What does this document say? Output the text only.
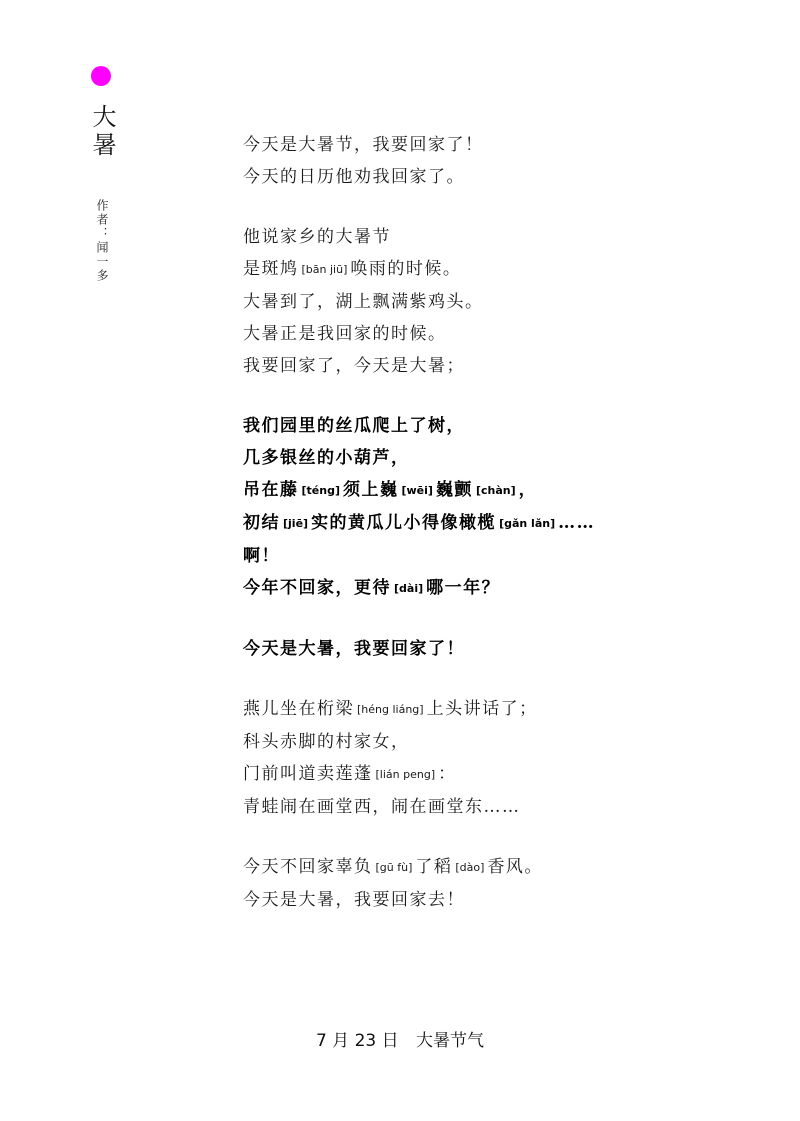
大暑
作者：闻一多
今天是大暑节，我要回家了！
今天的日历他劝我回家了。
他说家乡的大暑节
是斑鸠 [bān jiū] 唤雨的时候。
大暑到了，湖上飘满紫鸡头。
大暑正是我回家的时候。
我要回家了，今天是大暑；
我们园里的丝瓜爬上了树，
几多银丝的小葫芦，
吊在藤 [téng] 须上巍 [wēi] 巍颤 [chàn] ，
初结 [jiē] 实的黄瓜儿小得像橄榄 [gǎn lǎn] ……
啊！
今年不回家，更待 [dài] 哪一年？
今天是大暑，我要回家了！
燕儿坐在桁梁 [héng liáng] 上头讲话了；
科头赤脚的村家女，
门前叫道卖莲蓬 [lián peng] ：
青蛙闹在画堂西，闹在画堂东……
今天不回家辜负 [gū fù] 了稻 [dào] 香风。
今天是大暑，我要回家去！
7 月 23 日 大暑节气
